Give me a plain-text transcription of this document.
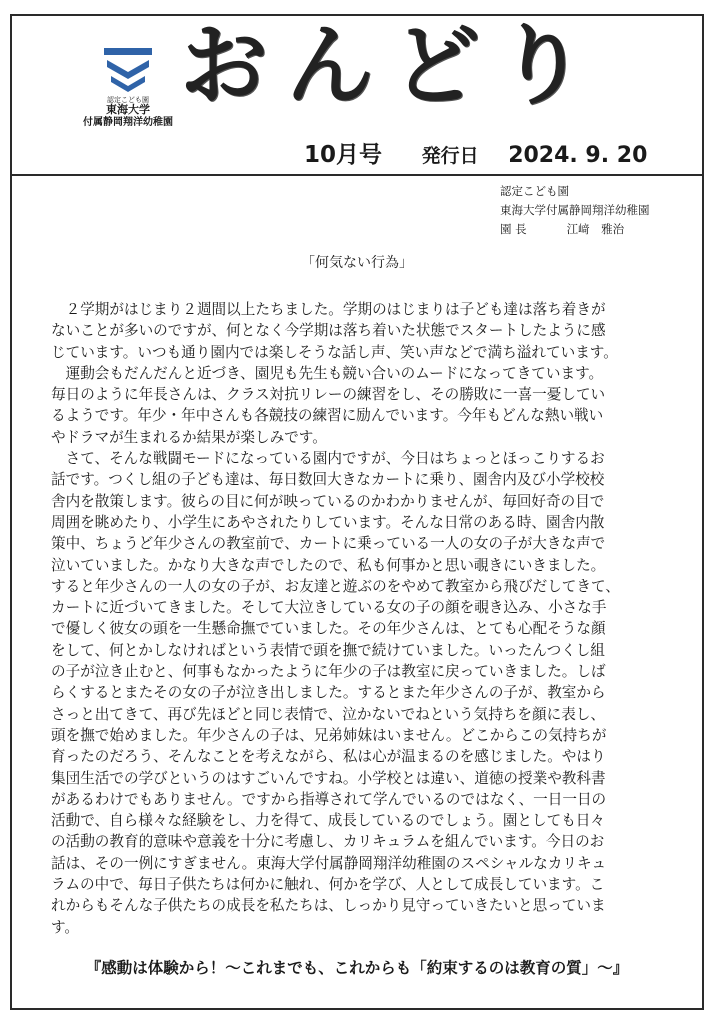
認定こども園
東海大学
付属静岡翔洋幼稚園
おんどり
10月号 発行日 2024. 9. 20
認定こども園
東海大学付属静岡翔洋幼稚園
園 長	江﨑　雅治
「何気ない行為」
　２学期がはじまり２週間以上たちました。学期のはじまりは子ども達は落ち着きが
ないことが多いのですが、何となく今学期は落ち着いた状態でスタートしたように感
じています。いつも通り園内では楽しそうな話し声、笑い声などで満ち溢れています。
　運動会もだんだんと近づき、園児も先生も競い合いのムードになってきています。
毎日のように年長さんは、クラス対抗リレーの練習をし、その勝敗に一喜一憂してい
るようです。年少・年中さんも各競技の練習に励んでいます。今年もどんな熱い戦い
やドラマが生まれるか結果が楽しみです。
　さて、そんな戦闘モードになっている園内ですが、今日はちょっとほっこりするお
話です。つくし組の子ども達は、毎日数回大きなカートに乗り、園舎内及び小学校校
舎内を散策します。彼らの目に何が映っているのかわかりませんが、毎回好奇の目で
周囲を眺めたり、小学生にあやされたりしています。そんな日常のある時、園舎内散
策中、ちょうど年少さんの教室前で、カートに乗っている一人の女の子が大きな声で
泣いていました。かなり大きな声でしたので、私も何事かと思い覗きにいきました。
すると年少さんの一人の女の子が、お友達と遊ぶのをやめて教室から飛びだしてきて、
カートに近づいてきました。そして大泣きしている女の子の顔を覗き込み、小さな手
で優しく彼女の頭を一生懸命撫でていました。その年少さんは、とても心配そうな顔
をして、何とかしなければという表情で頭を撫で続けていました。いったんつくし組
の子が泣き止むと、何事もなかったように年少の子は教室に戻っていきました。しば
らくするとまたその女の子が泣き出しました。するとまた年少さんの子が、教室から
さっと出てきて、再び先ほどと同じ表情で、泣かないでねという気持ちを顔に表し、
頭を撫で始めました。年少さんの子は、兄弟姉妹はいません。どこからこの気持ちが
育ったのだろう、そんなことを考えながら、私は心が温まるのを感じました。やはり
集団生活での学びというのはすごいんですね。小学校とは違い、道徳の授業や教科書
があるわけでもありません。ですから指導されて学んでいるのではなく、一日一日の
活動で、自ら様々な経験をし、力を得て、成長しているのでしょう。園としても日々
の活動の教育的意味や意義を十分に考慮し、カリキュラムを組んでいます。今日のお
話は、その一例にすぎません。東海大学付属静岡翔洋幼稚園のスペシャルなカリキュ
ラムの中で、毎日子供たちは何かに触れ、何かを学び、人として成長しています。こ
れからもそんな子供たちの成長を私たちは、しっかり見守っていきたいと思っていま
す。
『感動は体験から！～これまでも、これからも「約束するのは教育の質」～』
